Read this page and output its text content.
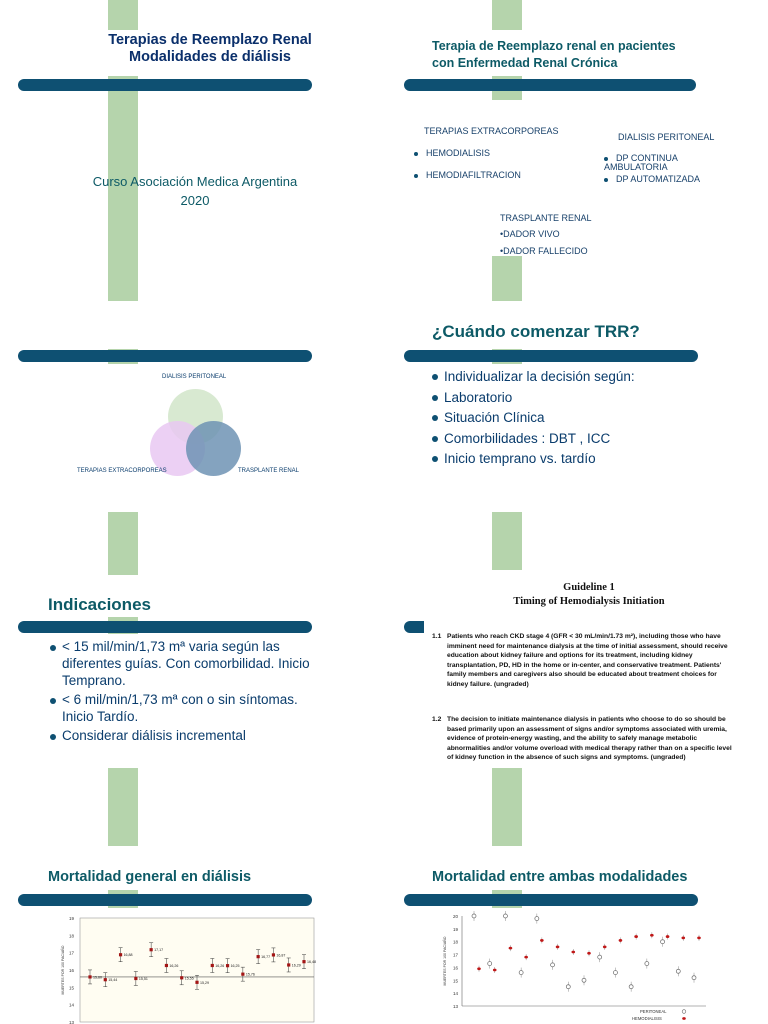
Terapias de Reemplazo Renal
Modalidades de diálisis
Curso Asociación Medica Argentina
2020
Terapia de Reemplazo renal en pacientes
con Enfermedad Renal Crónica
TERAPIAS EXTRACORPOREAS
HEMODIALISIS
HEMODIAFILTRACION
DIALISIS PERITONEAL
DP CONTINUA AMBULATORIA
DP AUTOMATIZADA
TRASPLANTE RENAL
•DADOR VIVO
•DADOR FALLECIDO
DIALISIS PERITONEAL
TERAPIAS EXTRACORPOREAS	TRASPLANTE RENAL
¿Cuándo comenzar TRR?
Individualizar la decisión según:
Laboratorio
Situación Clínica
Comorbilidades : DBT , ICC
Inicio temprano vs. tardío
Indicaciones
< 15 mil/min/1,73 mª varia según las diferentes guías. Con comorbilidad. Inicio Temprano.
< 6 mil/min/1,73 mª con o sin síntomas. Inicio Tardío.
Considerar diálisis incremental
Guideline 1
Timing of Hemodialysis Initiation
1.1 Patients who reach CKD stage 4 (GFR < 30 mL/min/1.73 m²), including those who have imminent need for maintenance dialysis at the time of initial assessment, should receive education about kidney failure and options for its treatment, including kidney transplantation, PD, HD in the home or in-center, and conservative treatment. Patients' family members and caregivers also should be educated about treatment choices for kidney failure. (ungraded)
1.2 The decision to initiate maintenance dialysis in patients who choose to do so should be based primarily upon an assessment of signs and/or symptoms associated with uremia, evidence of protein-energy wasting, and the ability to safely manage metabolic abnormalities and/or volume overload with medical therapy rather than on a specific level of kidney function in the absence of such signs and symptoms. (ungraded)
Mortalidad general en diálisis
19
18
17
16
15
14
13
MUERTES POR 100 PAC/AÑO	15,60
15,44
16,88
15,51
17,17
16,26
15,55
15,29
16,26 16,25
15,76
16,77 16,87
16,29
16,48
Mortalidad entre ambas modalidades
20
19
18
17
16
15
14
13
MUERTES POR 100 PAC/AÑO
PERITONEAL
HEMODIALISIS
